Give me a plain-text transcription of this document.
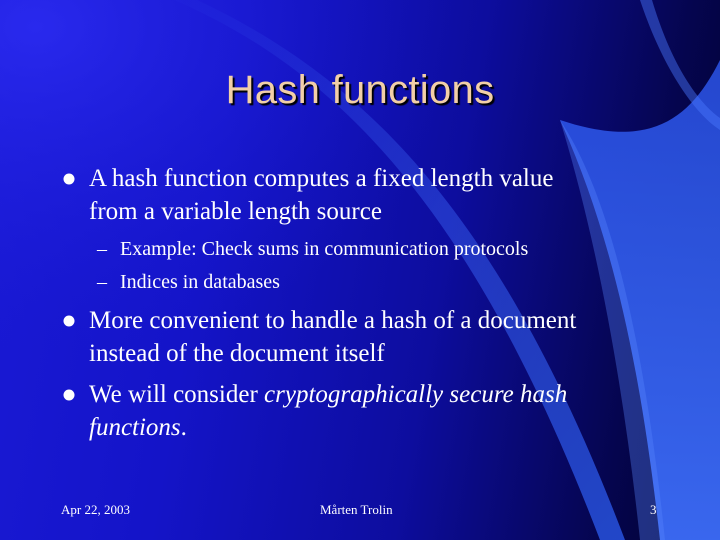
Hash functions
A hash function computes a fixed length value
from a variable length source
– Example: Check sums in communication protocols
– Indices in databases
More convenient to handle a hash of a document
instead of the document itself
We will consider cryptographically secure hash
functions.
Apr 22, 2003	Mårten Trolin	3
